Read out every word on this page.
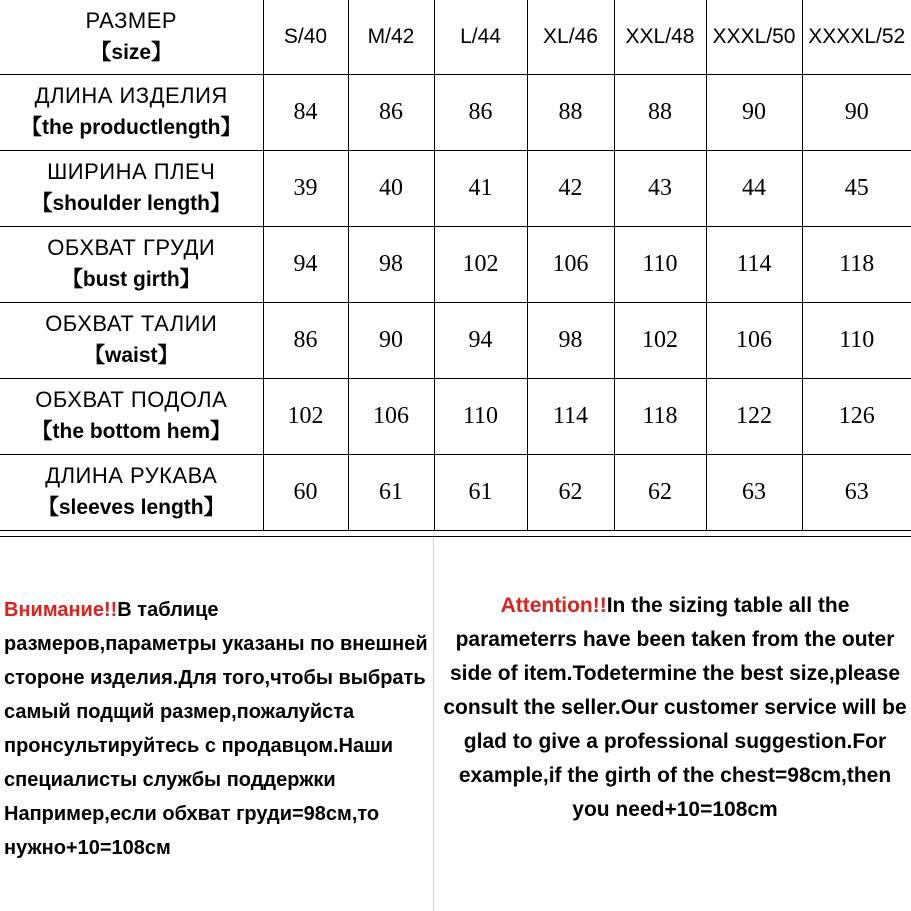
РАЗМЕР
【size】	S/40	M/42	L/44	XL/46	XXL/48	XXXL/50	XXXXL/52

ДЛИНА ИЗДЕЛИЯ
【the productlength】	84	86	86	88	88	90	90

ШИРИНА ПЛЕЧ
【shoulder length】	39	40	41	42	43	44	45

ОБХВАТ ГРУДИ
【bust girth】	94	98	102	106	110	114	118

ОБХВАТ ТАЛИИ
【waist】	86	90	94	98	102	106	110

ОБХВАТ ПОДОЛА
【the bottom hem】	102	106	110	114	118	122	126

ДЛИНА РУКАВА
【sleeves length】	60	61	61	62	62	63	63
Внимание!!В таблице размеров,параметры указаны по внешней стороне изделия.Для того,чтобы выбрать самый подщий размер,пожалуйста пронсультируйтесь с продавцом.Наши специалисты службы поддержки Например,если обхват груди=98см,то нужно+10=108см
Attention!!In the sizing table all the parameterrs have been taken from the outer side of item.Todetermine the best size,please consult the seller.Our customer service will be glad to give a professional suggestion.For example,if the girth of the chest=98cm,then you need+10=108cm
